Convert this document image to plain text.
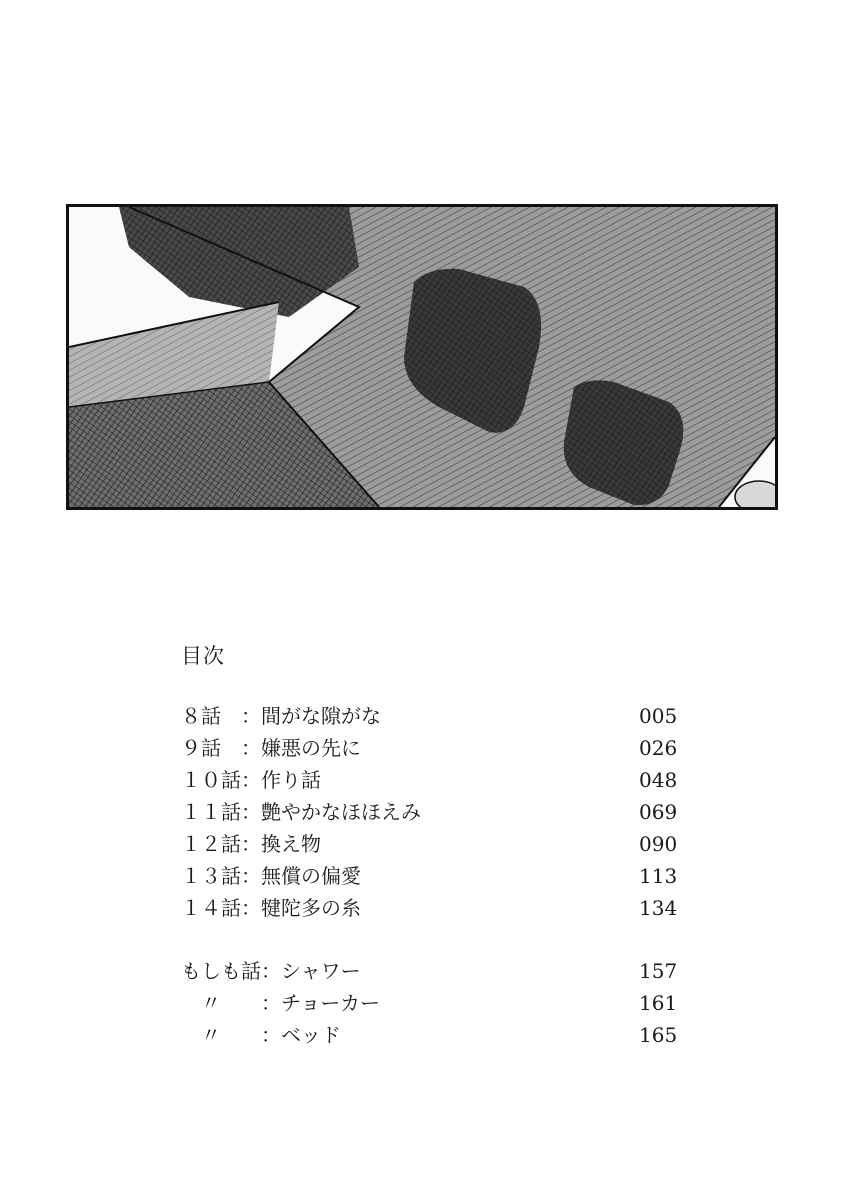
目次
８話　：間がな隙がな	005
９話　：嫌悪の先に	026
１０話：作り話	048
１１話：艶やかなほほえみ	069
１２話：換え物	090
１３話：無償の偏愛	113
１４話：犍陀多の糸	134
もしも話：シャワー	157
　〃　　：チョーカー	161
　〃　　：ベッド	165
